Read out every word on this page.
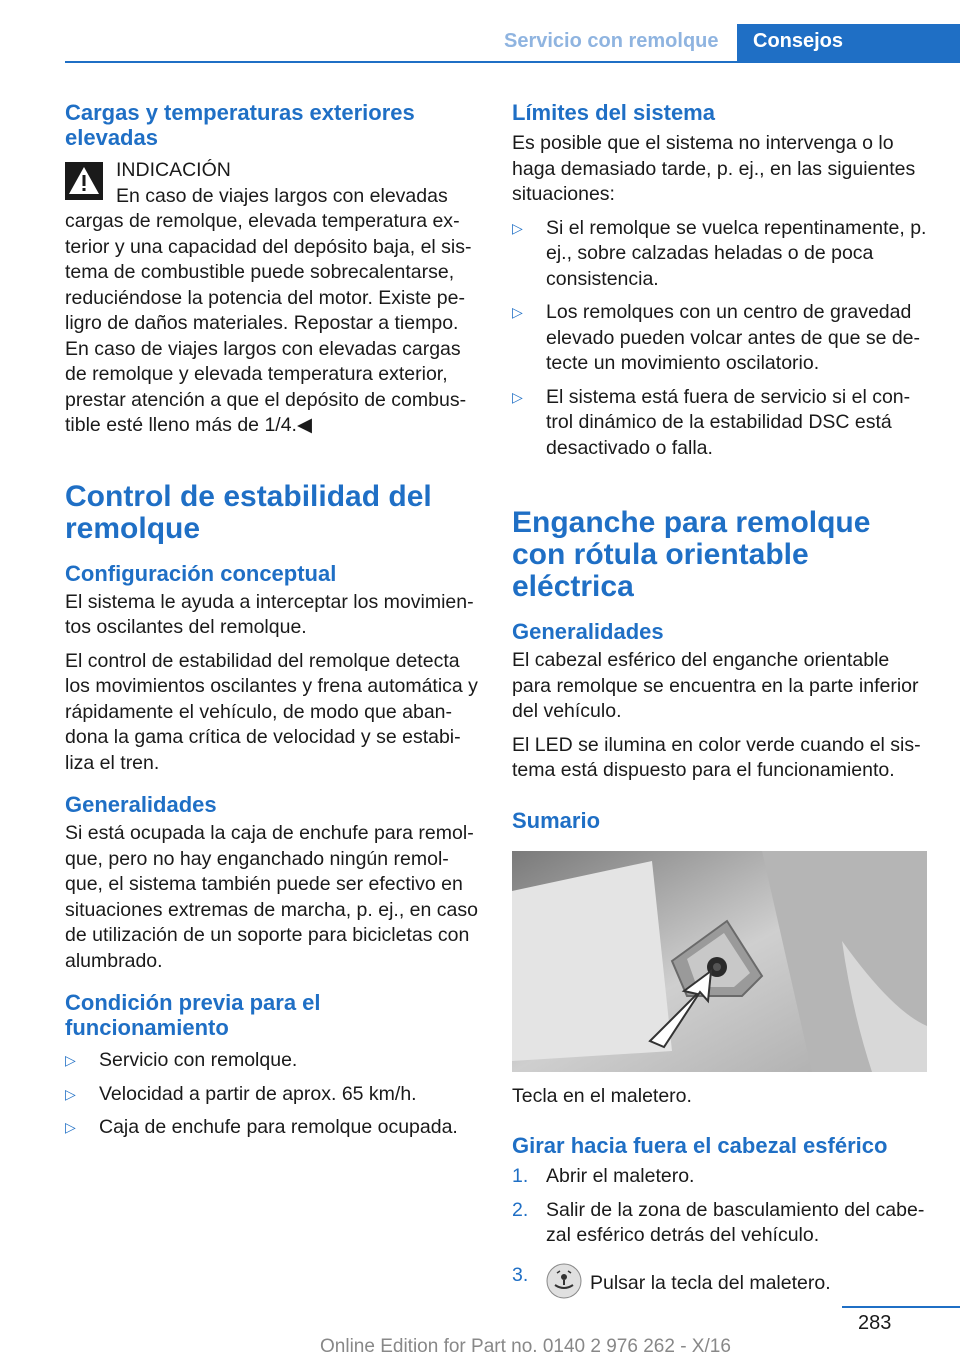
Servicio con remolque Consejos
Cargas y temperaturas exteriores elevadas
INDICACIÓN
En caso de viajes largos con elevadas cargas de remolque, elevada temperatura exterior y una capacidad del depósito baja, el sistema de combustible puede sobrecalentarse, reduciéndose la potencia del motor. Existe peligro de daños materiales. Repostar a tiempo. En caso de viajes largos con elevadas cargas de remolque y elevada temperatura exterior, prestar atención a que el depósito de combustible esté lleno más de 1/4.◀
Control de estabilidad del remolque
Configuración conceptual

El sistema le ayuda a interceptar los movimientos oscilantes del remolque.

El control de estabilidad del remolque detecta los movimientos oscilantes y frena automática y rápidamente el vehículo, de modo que abandona la gama crítica de velocidad y se estabiliza el tren.

Generalidades

Si está ocupada la caja de enchufe para remolque, pero no hay enganchado ningún remolque, el sistema también puede ser efectivo en situaciones extremas de marcha, p. ej., en caso de utilización de un soporte para bicicletas con alumbrado.

Condición previa para el funcionamiento
▷ Servicio con remolque.
▷ Velocidad a partir de aprox. 65 km/h.
▷ Caja de enchufe para remolque ocupada.
Límites del sistema

Es posible que el sistema no intervenga o lo haga demasiado tarde, p. ej., en las siguientes situaciones:

▷ Si el remolque se vuelca repentinamente, p. ej., sobre calzadas heladas o de poca consistencia.
▷ Los remolques con un centro de gravedad elevado pueden volcar antes de que se detecte un movimiento oscilatorio.
▷ El sistema está fuera de servicio si el control dinámico de la estabilidad DSC está desactivado o falla.
Enganche para remolque con rótula orientable eléctrica
Generalidades

El cabezal esférico del enganche orientable para remolque se encuentra en la parte inferior del vehículo.

El LED se ilumina en color verde cuando el sistema está dispuesto para el funcionamiento.

Sumario

Tecla en el maletero.

Girar hacia fuera el cabezal esférico
1. Abrir el maletero.
2. Salir de la zona de basculamiento del cabezal esférico detrás del vehículo.
3.	Pulsar la tecla del maletero.
283
Online Edition for Part no. 0140 2 976 262 - X/16
